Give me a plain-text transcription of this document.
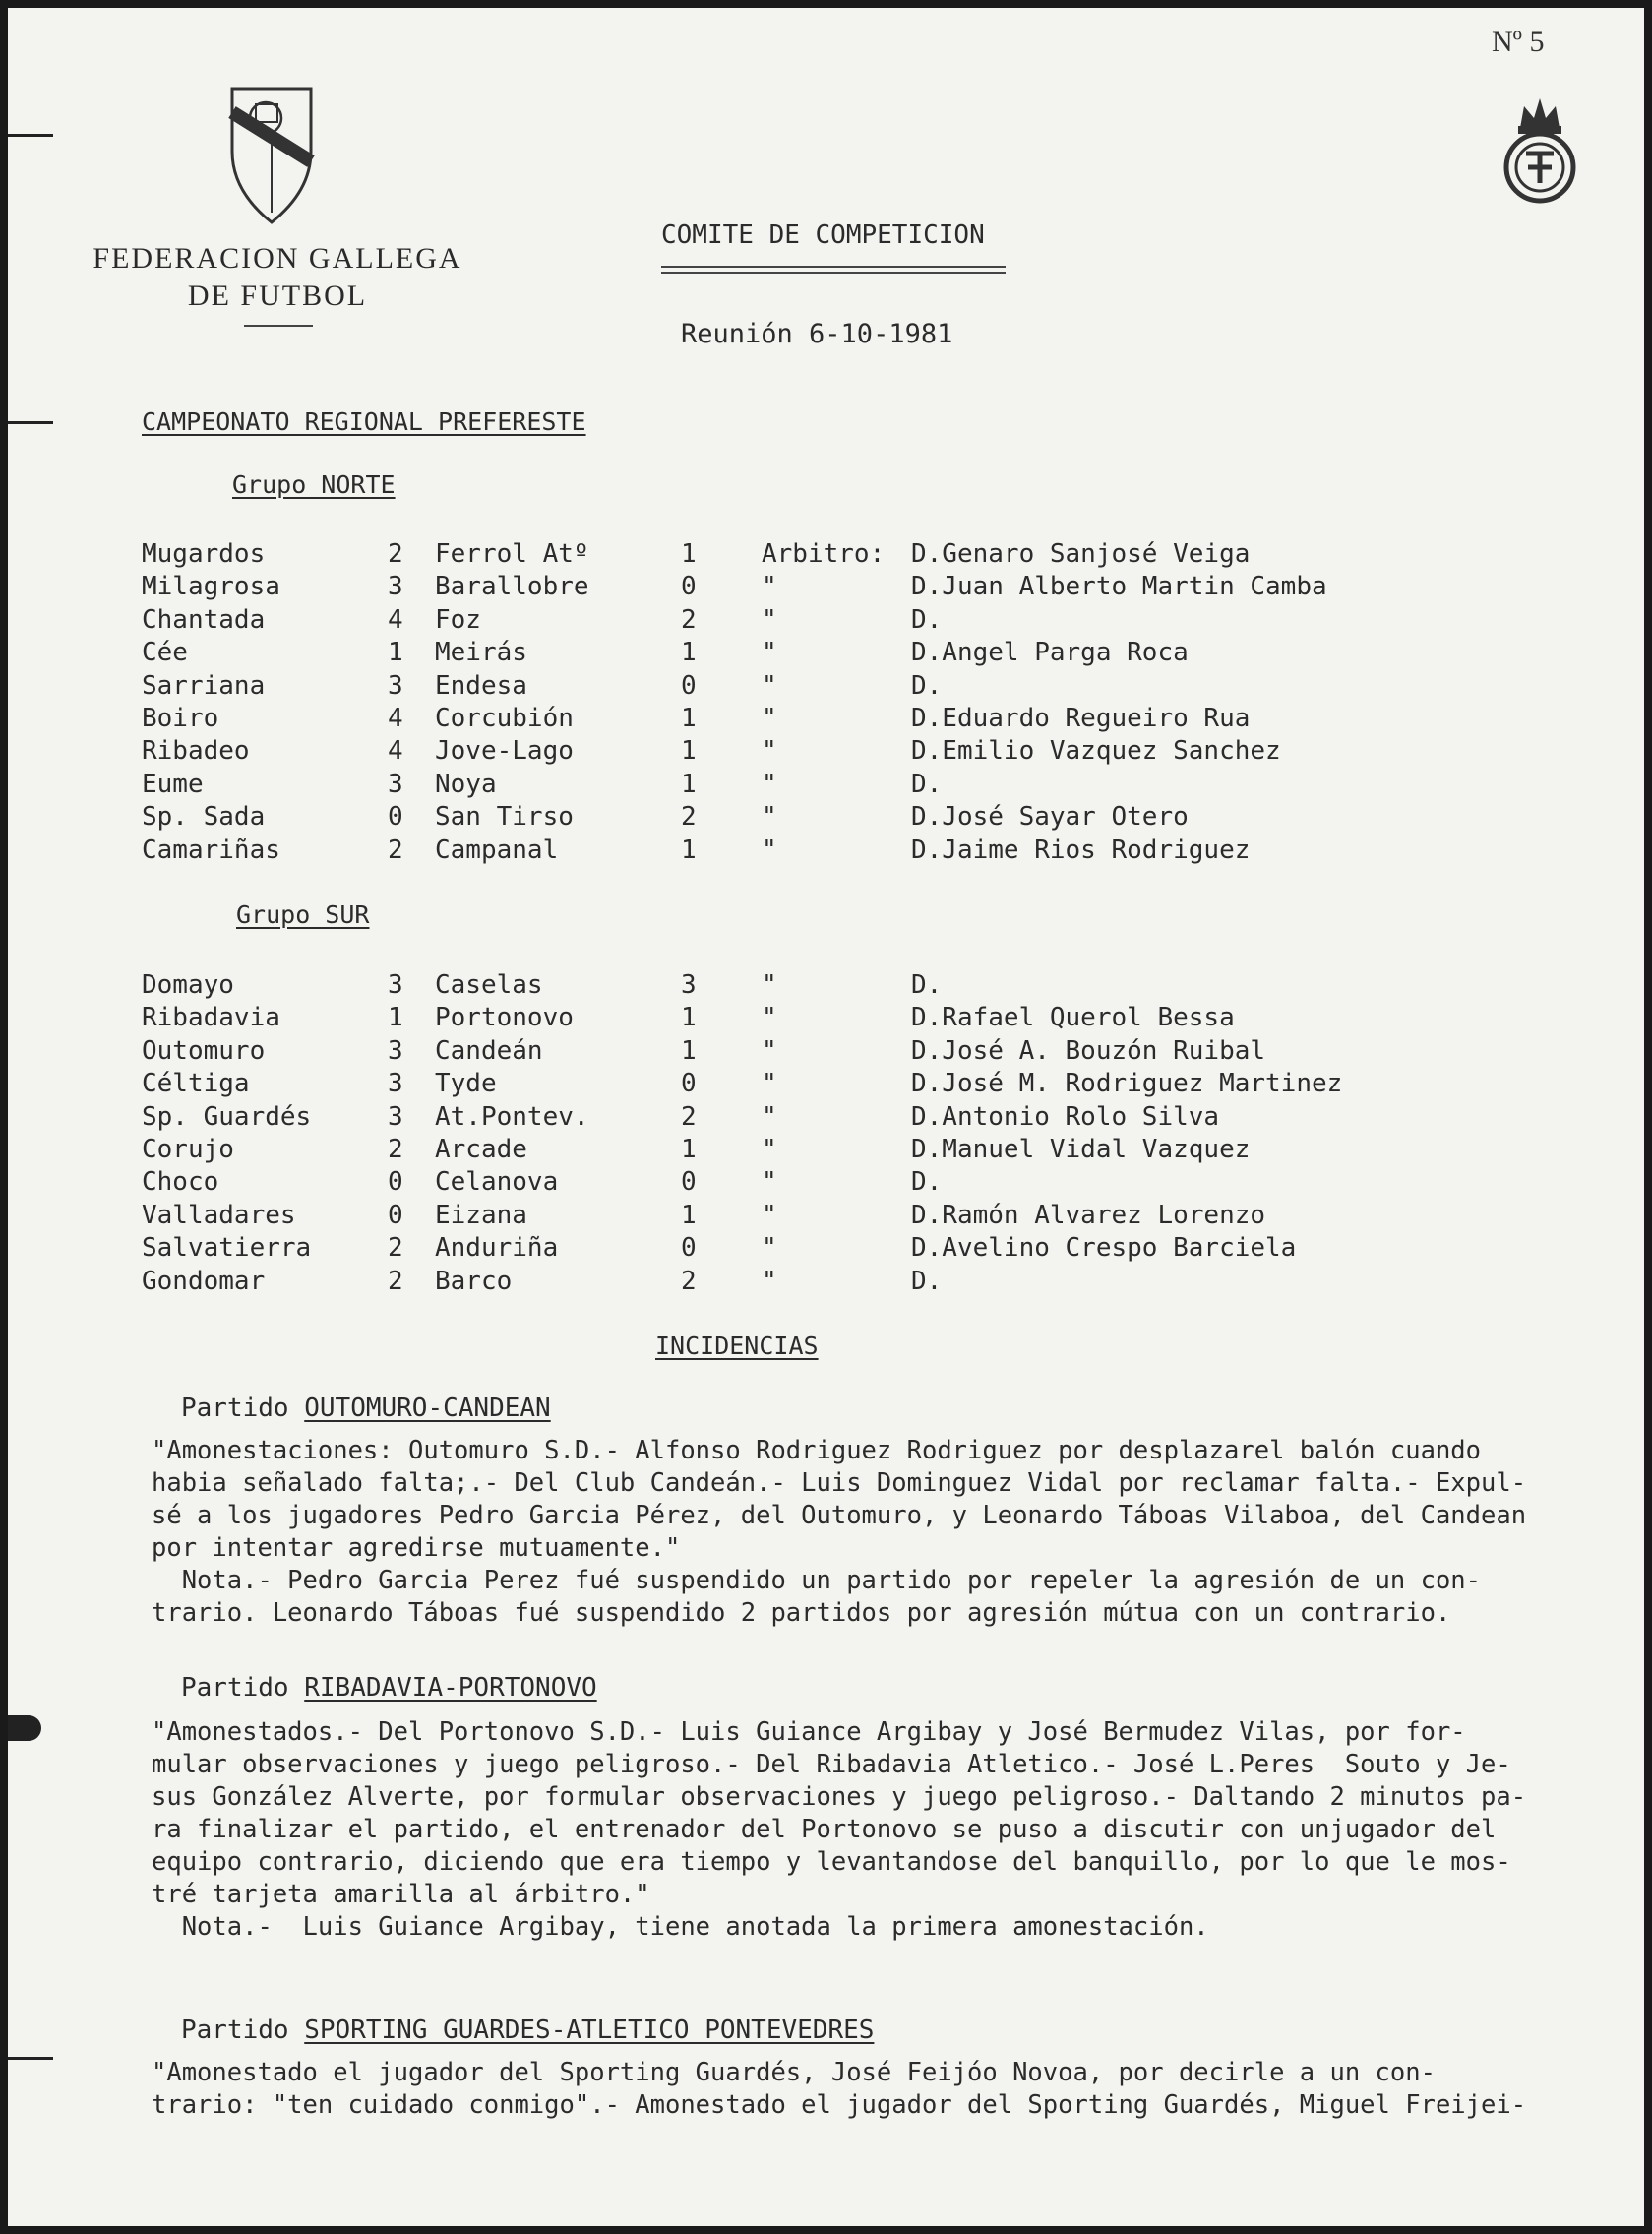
Nº 5
FEDERACION GALLEGA
DE FUTBOL
COMITE DE COMPETICION
Reunión 6-10-1981
CAMPEONATO REGIONAL PREFERESTE
Grupo NORTE
Mugardos	2 Ferrol Atº	1	Arbitro: D.Genaro Sanjosé Veiga
Milagrosa	3 Barallobre	0	"	D.Juan Alberto Martin Camba
Chantada	4 Foz	2	"	D.
Cée	1 Meirás	1	"	D.Angel Parga Roca
Sarriana	3 Endesa	0	"	D.
Boiro	4 Corcubión	1	"	D.Eduardo Regueiro Rua
Ribadeo	4 Jove-Lago	1	"	D.Emilio Vazquez Sanchez
Eume	3 Noya	1	"	D.
Sp. Sada	0 San Tirso	2	"	D.José Sayar Otero
Camariñas	2 Campanal	1	"	D.Jaime Rios Rodriguez
Grupo SUR
Domayo	3 Caselas	3	"	D.
Ribadavia	1 Portonovo	1	"	D.Rafael Querol Bessa
Outomuro	3 Candeán	1	"	D.José A. Bouzón Ruibal
Céltiga	3 Tyde	0	"	D.José M. Rodriguez Martinez
Sp. Guardés	3 At.Pontev.	2	"	D.Antonio Rolo Silva
Corujo	2 Arcade	1	"	D.Manuel Vidal Vazquez
Choco	0 Celanova	0	"	D.
Valladares	0 Eizana	1	"	D.Ramón Alvarez Lorenzo
Salvatierra	2 Anduriña	0	"	D.Avelino Crespo Barciela
Gondomar	2 Barco	2	"	D.
INCIDENCIAS
Partido OUTOMURO-CANDEAN

"Amonestaciones: Outomuro S.D.- Alfonso Rodriguez Rodriguez por desplazarel balón cuando

habia señalado falta;.- Del Club Candeán.- Luis Dominguez Vidal por reclamar falta.- Expul-

sé a los jugadores Pedro Garcia Pérez, del Outomuro, y Leonardo Táboas Vilaboa, del Candean

por intentar agredirse mutuamente."

Nota.- Pedro Garcia Perez fué suspendido un partido por repeler la agresión de un con-

trario. Leonardo Táboas fué suspendido 2 partidos por agresión mútua con un contrario.

Partido RIBADAVIA-PORTONOVO

"Amonestados.- Del Portonovo S.D.- Luis Guiance Argibay y José Bermudez Vilas, por for-

mular observaciones y juego peligroso.- Del Ribadavia Atletico.- José L.Peres  Souto y Je-

sus González Alverte, por formular observaciones y juego peligroso.- Daltando 2 minutos pa-

ra finalizar el partido, el entrenador del Portonovo se puso a discutir con unjugador del

equipo contrario, diciendo que era tiempo y levantandose del banquillo, por lo que le mos-

tré tarjeta amarilla al árbitro."

Nota.-  Luis Guiance Argibay, tiene anotada la primera amonestación.

Partido SPORTING GUARDES-ATLETICO PONTEVEDRES

"Amonestado el jugador del Sporting Guardés, José Feijóo Novoa, por decirle a un con-

trario: "ten cuidado conmigo".- Amonestado el jugador del Sporting Guardés, Miguel Freijei-
